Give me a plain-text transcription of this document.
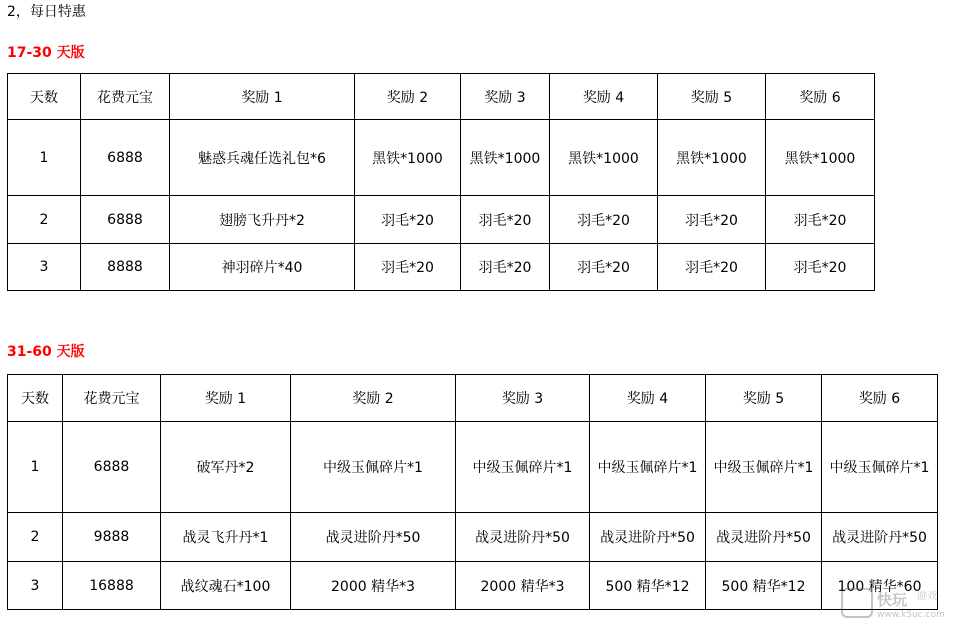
2，每日特惠
17-30 天版
天数	花费元宝	奖励 1	奖励 2	奖励 3	奖励 4	奖励 5	奖励 6
1	6888	魅惑兵魂任选礼包*6	黑铁*1000	黑铁*1000	黑铁*1000	黑铁*1000	黑铁*1000
2	6888	翅膀飞升丹*2	羽毛*20	羽毛*20	羽毛*20	羽毛*20	羽毛*20
3	8888	神羽碎片*40	羽毛*20	羽毛*20	羽毛*20	羽毛*20	羽毛*20
31-60 天版
天数	花费元宝	奖励 1	奖励 2	奖励 3	奖励 4	奖励 5	奖励 6
1	6888	破军丹*2	中级玉佩碎片*1	中级玉佩碎片*1	中级玉佩碎片*1	中级玉佩碎片*1	中级玉佩碎片*1
2	9888	战灵飞升丹*1	战灵进阶丹*50	战灵进阶丹*50	战灵进阶丹*50	战灵进阶丹*50	战灵进阶丹*50
3	16888	战纹魂石*100	2000 精华*3	2000 精华*3	500 精华*12	500 精华*12	100 精华*60
快玩 游戏
www.k5uc.com
